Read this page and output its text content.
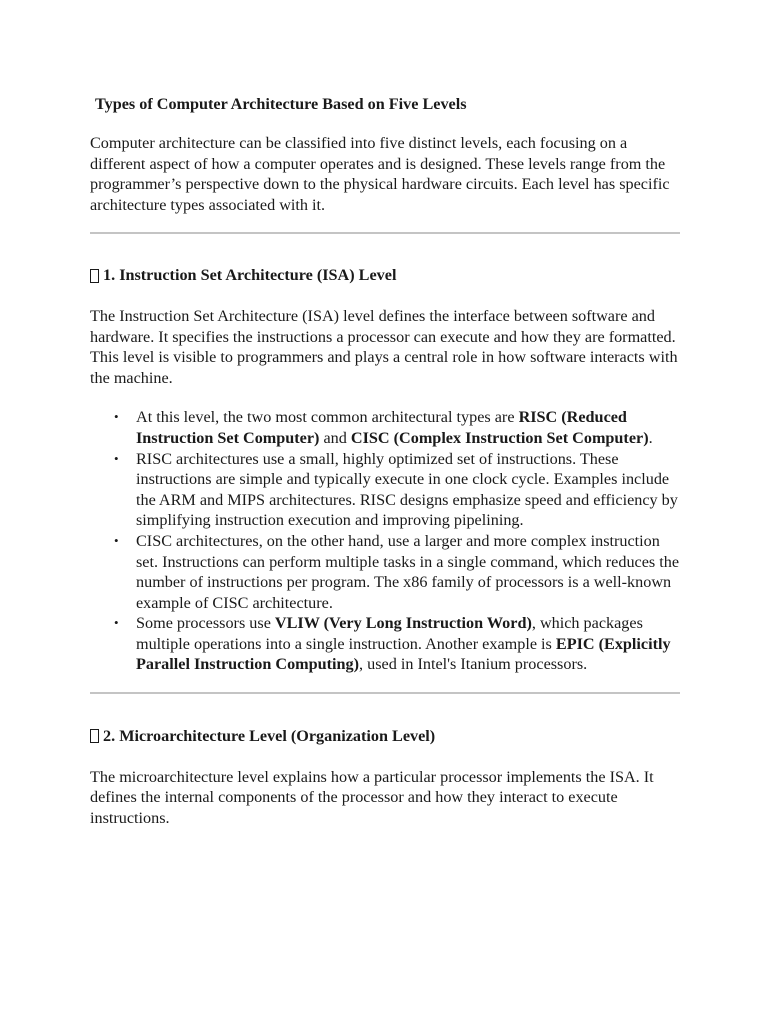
Types of Computer Architecture Based on Five Levels

Computer architecture can be classified into five distinct levels, each focusing on a different aspect of how a computer operates and is designed. These levels range from the programmer’s perspective down to the physical hardware circuits. Each level has specific architecture types associated with it.

1. Instruction Set Architecture (ISA) Level

The Instruction Set Architecture (ISA) level defines the interface between software and hardware. It specifies the instructions a processor can execute and how they are formatted. This level is visible to programmers and plays a central role in how software interacts with the machine.

• At this level, the two most common architectural types are RISC (Reduced Instruction Set Computer) and CISC (Complex Instruction Set Computer).
• RISC architectures use a small, highly optimized set of instructions. These instructions are simple and typically execute in one clock cycle. Examples include the ARM and MIPS architectures. RISC designs emphasize speed and efficiency by simplifying instruction execution and improving pipelining.
• CISC architectures, on the other hand, use a larger and more complex instruction set. Instructions can perform multiple tasks in a single command, which reduces the number of instructions per program. The x86 family of processors is a well-known example of CISC architecture.
• Some processors use VLIW (Very Long Instruction Word), which packages multiple operations into a single instruction. Another example is EPIC (Explicitly Parallel Instruction Computing), used in Intel's Itanium processors.

2. Microarchitecture Level (Organization Level)

The microarchitecture level explains how a particular processor implements the ISA. It defines the internal components of the processor and how they interact to execute instructions.
